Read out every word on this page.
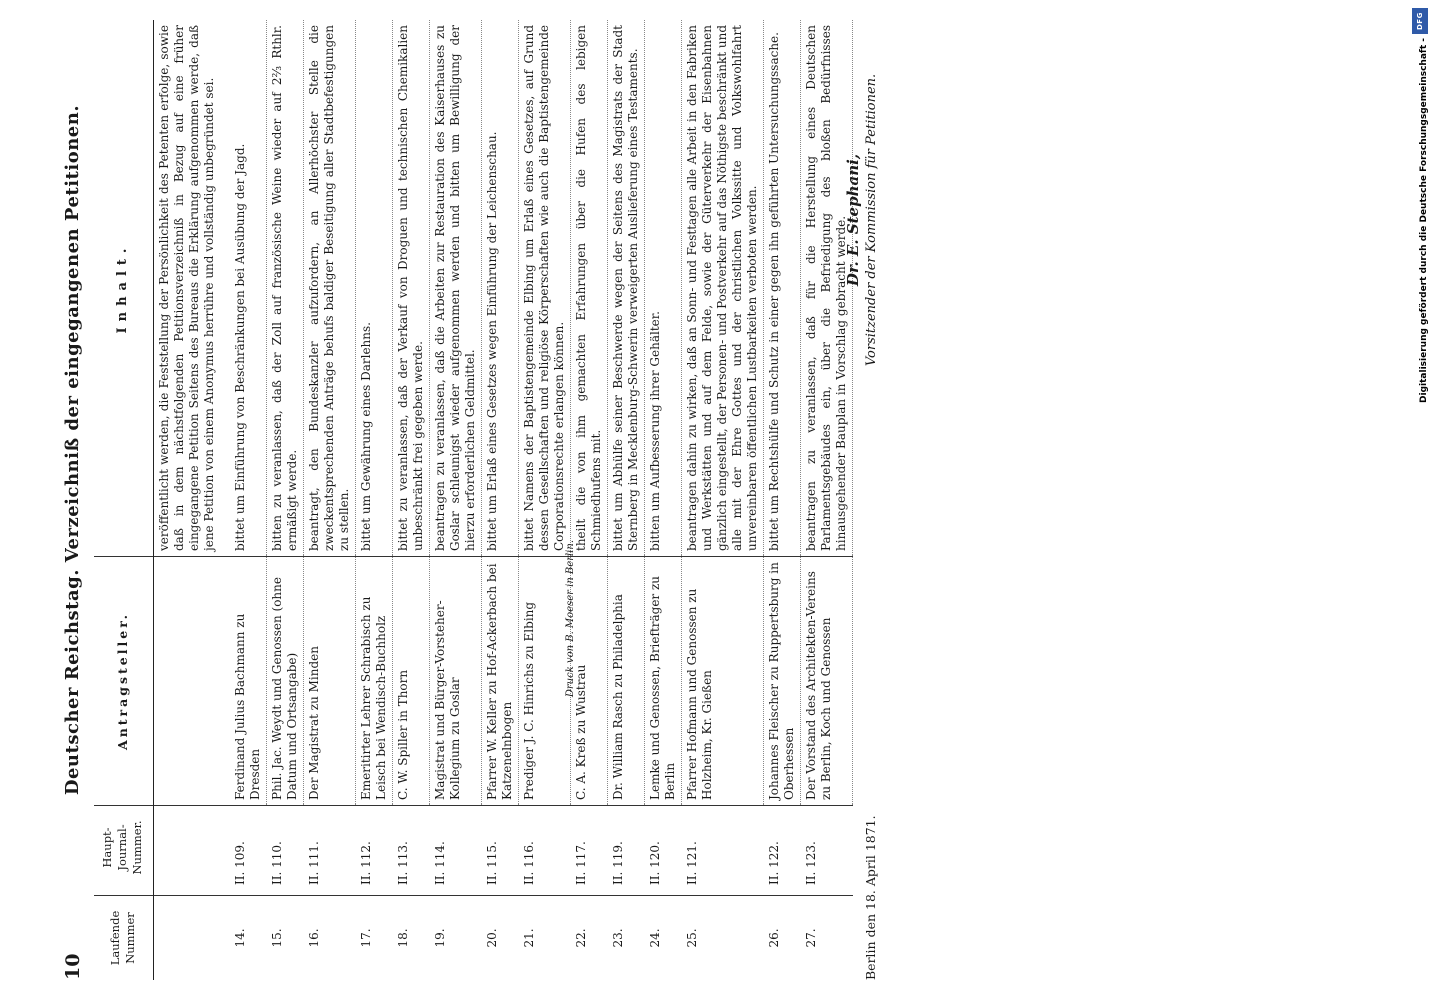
DFG
Digitalisierung gefördert durch die Deutsche Forschungsgemeinschaft -
10
Deutscher Reichstag. Verzeichniß der eingegangenen Petitionen.
Laufende Nummer	Haupt-Journal-Nummer.	Antragsteller.	Inhalt.
			veröffentlicht werden, die Feststellung der Persönlichkeit des Petenten erfolge, sowie daß in dem nächstfolgenden Petitionsverzeichniß in Bezug auf eine früher eingegangene Petition Seitens des Bureaus die Erklärung aufgenommen werde, daß jene Petition von einem Anonymus herrühre und vollständig unbegründet sei.
14.	II. 109.	Ferdinand Julius Bachmann zu Dresden	bittet um Einführung von Beschränkungen bei Ausübung der Jagd.
15.	II. 110.	Phil. Jac. Weydt und Genossen (ohne Datum und Ortsangabe)	bitten zu veranlassen, daß der Zoll auf französische Weine wieder auf 2⅔ Rthlr. ermäßigt werde.
16.	II. 111.	Der Magistrat zu Minden	beantragt, den Bundeskanzler aufzufordern, an Allerhöchster Stelle die zweckentsprechenden Anträge behufs baldiger Beseitigung aller Stadtbefestigungen zu stellen.
17.	II. 112.	Emeritirter Lehrer Schrabisch zu Leisch bei Wendisch-Buchholz	bittet um Gewährung eines Darlehns.
18.	II. 113.	C. W. Spiller in Thorn	bittet zu veranlassen, daß der Verkauf von Droguen und technischen Chemikalien unbeschränkt frei gegeben werde.
19.	II. 114.	Magistrat und Bürger-Vorsteher-Kollegium zu Goslar	beantragen zu veranlassen, daß die Arbeiten zur Restauration des Kaiserhauses zu Goslar schleunigst wieder aufgenommen werden und bitten um Bewilligung der hierzu erforderlichen Geldmittel.
20.	II. 115.	Pfarrer W. Keller zu Hof-Ackerbach bei Katzenelnbogen	bittet um Erlaß eines Gesetzes wegen Einführung der Leichenschau.
21.	II. 116.	Prediger J. C. Hinrichs zu Elbing	bittet Namens der Baptistengemeinde Elbing um Erlaß eines Gesetzes, auf Grund dessen Gesellschaften und religiöse Körperschaften wie auch die Baptistengemeinde Corporationsrechte erlangen können.
22.	II. 117.	C. A. Kreß zu Wustrau	theilt die von ihm gemachten Erfahrungen über die Hufen des lebigen Schmiedhufens mit.
23.	II. 119.	Dr. William Rasch zu Philadelphia	bittet um Abhülfe seiner Beschwerde wegen der Seitens des Magistrats der Stadt Sternberg in Mecklenburg-Schwerin verweigerten Auslieferung eines Testaments.
24.	II. 120.	Lemke und Genossen, Briefträger zu Berlin	bitten um Aufbesserung ihrer Gehälter.
25.	II. 121.	Pfarrer Hofmann und Genossen zu Holzheim, Kr. Gießen	beantragen dahin zu wirken, daß an Sonn- und Festtagen alle Arbeit in den Fabriken und Werkstätten und auf dem Felde, sowie der Güterverkehr der Eisenbahnen gänzlich eingestellt, der Personen- und Postverkehr auf das Nöthigste beschränkt und alle mit der Ehre Gottes und der christlichen Volkssitte und Volkswohlfahrt unvereinbaren öffentlichen Lustbarkeiten verboten werden.
26.	II. 122.	Johannes Fleischer zu Ruppertsburg in Oberhessen	bittet um Rechtshülfe und Schutz in einer gegen ihn geführten Untersuchungssache.
27.	II. 123.	Der Vorstand des Architekten-Vereins zu Berlin, Koch und Genossen	beantragen zu veranlassen, daß für die Herstellung eines Deutschen Parlamentsgebäudes ein, über die Befriedigung des bloßen Bedürfnisses hinausgehender Bauplan in Vorschlag gebracht werde.
Berlin den 18. April 1871.
Dr. E. Stephani, Vorsitzender der Kommission für Petitionen.
Druck von B. Moeser in Berlin.
